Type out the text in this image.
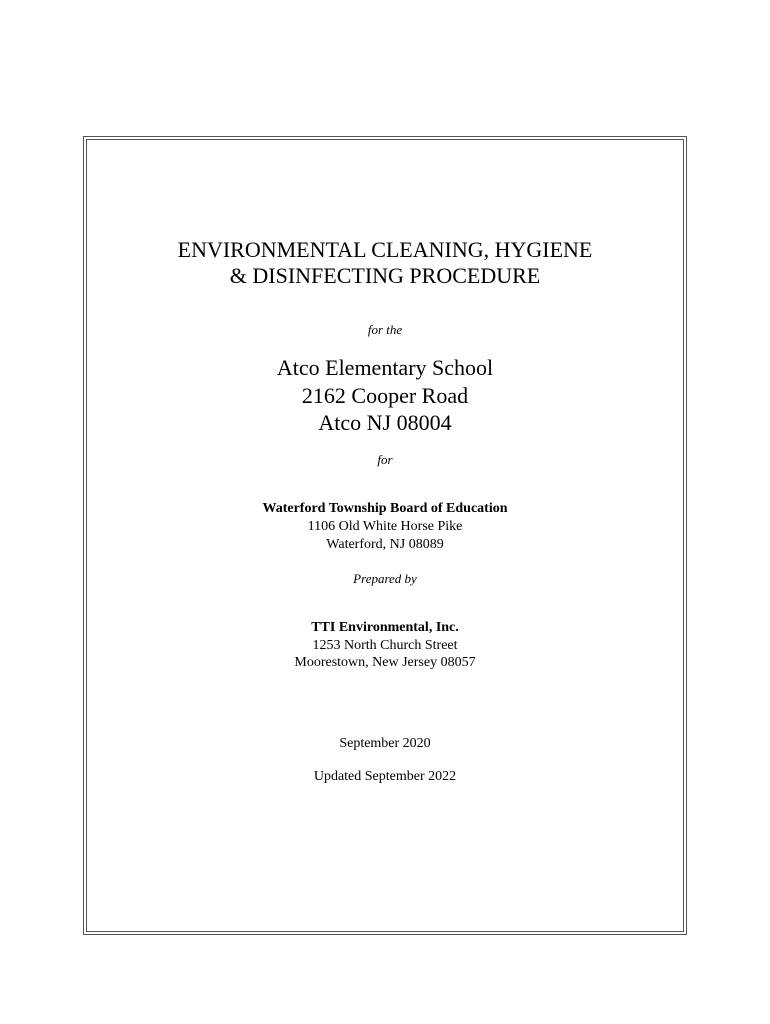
ENVIRONMENTAL CLEANING, HYGIENE
& DISINFECTING PROCEDURE
for the
Atco Elementary School
2162 Cooper Road
Atco NJ 08004
for
Waterford Township Board of Education
1106 Old White Horse Pike
Waterford, NJ 08089
Prepared by
TTI Environmental, Inc.
1253 North Church Street
Moorestown, New Jersey 08057
September 2020
Updated September 2022
